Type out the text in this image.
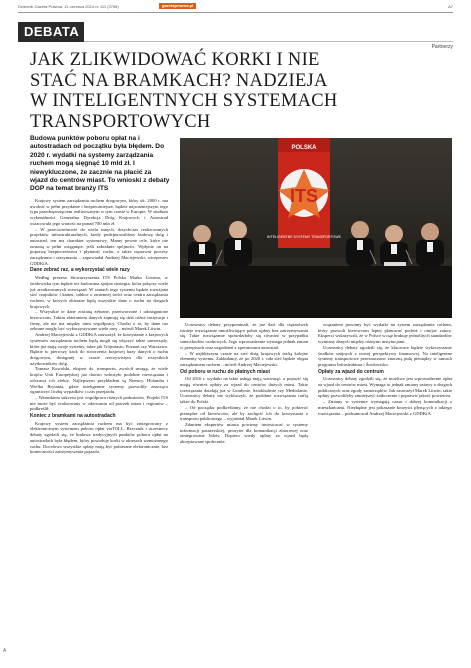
Dziennik Gazeta Prawna, 11 czerwca 2014 nr 111 (3758)	gazetaprawna.pl	A7
DEBATA
Partnerzy
JAK ZLIKWIDOWAĆ KORKI I NIE
STAĆ NA BRAMKACH? NADZIEJA
W INTELIGENTNYCH SYSTEMACH
TRANSPORTOWYCH
Budowa punktów poboru opłat na i autostradach od początku była błędem. Do 2020 r. wydatki na systemy zarządzania ruchem mogą sięgnąć 10 mld zł. I niewykluczone, że zacznie na płacić za wjazd do centrów miast. To wnioski z debaty DGP na temat branży ITS
POLSKA
ITS
INTELIGENTNE SYSTEMY TRANSPORTOWE

Krajowy system zarządzania ruchem drogowym, który ok. 2000 r. ma uwolnić w pełni przydatne i bezpieczniejsze, będzie najważniejszym tego typu przedsięwzięciem realizowanym w tym czasie w Europie. W studium wykonalności Generalna Dyrekcja Dróg Krajowych i Autostrad oszacowała jego wartość na ponad 700 mln zł.

– W przeciwieństwie do wielu innych, dotychczas realizowanych projektów infrastrukturalnych, kiedy podejmowaliśmy budowę dróg i autostrad, ten ma charakter systemowy. Mamy pewne cele, które nie zostaną w pełni osiągnięte, jeśli zabraknie spójności. Wpłynie on na poprawę bezpieczeństwa i płynność ruchu, a także usprawni procesy zarządzania i utrzymania – zapowiadał Andrzej Maciejewski, wiceprezes GDDKiA.

Dane zebrać raz, a wykorzystać wiele razy

Według prezesa Stowarzyszenia ITS Polska Marka Litwina, w środowisku tym będzie też budowana spójna strategia, która połączy wiele już zrealizowanych rozwiązań. W ramach tego systemu będzie rozwijana sieć czujników i kamer, tablice o zmiennej treści oraz centra zarządzania ruchem, w których zbierane będą wszystkie dane o ruchu na drogach krajowych.

– Wszystkie te dane zostaną zebrane, przetworzone i udostępnione kierowcom. Takim zbieraniem danych zajmują się dziś różne instytucje i firmy, ale nie ma między nimi współpracy. Chodzi o to, by dane raz zebrane mogły być wykorzystywane wiele razy – mówił Marek Litwin.

Andrzej Maciejewski z GDDKiA zauważył, że korzystanie z krajowych systemów zarządzania ruchem będą mogli się włączyć także samorządy, które już mają swoje systemy, takie jak Trójmiasto, Poznań czy Warszawa. Będzie to pierwszy krok do stworzenia krajowej bazy danych o ruchu drogowym, dostępnej w czasie rzeczywistym dla wszystkich użytkowników dróg.

Tomasz Kowalski, ekspert ds. transportu, zwrócił uwagę, że wiele krajów Unii Europejskiej już dawno wdrożyło podobne rozwiązania i odczuwa ich efekty. Najlepszym przykładem są Niemcy, Holandia i Wielka Brytania, gdzie inteligentne systemy pozwoliły znacząco ograniczyć liczbę wypadków i czas przejazdu.

– Warunkiem sukcesu jest współpraca różnych podmiotów. Projekt ITS nie może być realizowany w oderwaniu od potrzeb miast i regionów – podkreślił.

Koniec z bramkami na autostradach

Krajowy system zarządzania ruchem ma być zintegrowany z elektronicznym systemem poboru opłat viaTOLL. Rzecznik i uczestnicy debaty zgodzili się, że budowa tradycyjnych punktów poboru opłat na autostradach była błędem, który powoduje korki w okresach wzmożonego ruchu. Docelowo wszystkie opłaty mają być pobierane elektronicznie, bez konieczności zatrzymywania pojazdu.

Uczestnicy debaty przypominali, że już dziś dla ciężarówek istnieje rozwiązanie umożliwiające pobór opłaty bez zatrzymywania się. Takie rozwiązanie sprawdziłoby się również w przypadku samochodów osobowych. Jego wprowadzenie wymaga jednak zmian w przepisach oraz uzgodnień z operatorami autostrad.

– W najbliższym czasie na sieć dróg krajowych trafią kolejne elementy systemu. Zakładamy, że po 2020 r. cała sieć będzie objęta zarządzaniem ruchem – mówił Andrzej Maciejewski.

Od poboru w ruchu do płatnych miast

Od 2016 r. wydatki na takie usługi mają wzrosnąć, a pojawić się mogą również opłaty za wjazd do centrów dużych miast. Takie rozwiązania działają już w Londynie, Sztokholmie czy Mediolanie. Uczestnicy debaty nie wykluczyli, że podobne rozwiązania trafią także do Polski.

– Od początku podkreślamy, że nie chodzi o to, by pobierać pieniądze od kierowców, ale by zachęcić ich do korzystania z transportu publicznego – wyjaśniał Marek Litwin.

Zdaniem ekspertów miasta powinny inwestować w systemy informacji pasażerskiej, priorytet dla komunikacji zbiorowej oraz zintegrowane bilety. Dopiero wtedy opłaty za wjazd będą akceptowane społecznie.

wiązaniem powinny być wydatki na system zarządzania ruchem, który pozwoli kierowcom lepiej planować podróż i omijać zatory. Eksperci wskazywali, że w Polsce wciąż brakuje jednolitych standardów wymiany danych między różnymi instytucjami.

Uczestnicy debaty zgodzili się, że kluczowe będzie wykorzystanie środków unijnych z nowej perspektywy finansowej. Na inteligentne systemy transportowe przeznaczono znaczną pulę pieniędzy w ramach programu Infrastruktura i Środowisko.

Opłaty za wjazd do centrum

Uczestnicy debaty zgodzili się, że możliwe jest wprowadzenie opłat za wjazd do centrów miast. Wymaga to jednak zmiany ustawy o drogach publicznych oraz zgody samorządów. Jak zauważył Marek Litwin, takie opłaty pozwoliłyby zmniejszyć zatłoczenie i poprawić jakość powietrza.

– Zmiany w systemie wymagają czasu i dobrej komunikacji z mieszkańcami. Niezbędne jest pokazanie korzyści płynących z takiego rozwiązania – podsumował Andrzej Maciejewski z GDDKiA.

A
